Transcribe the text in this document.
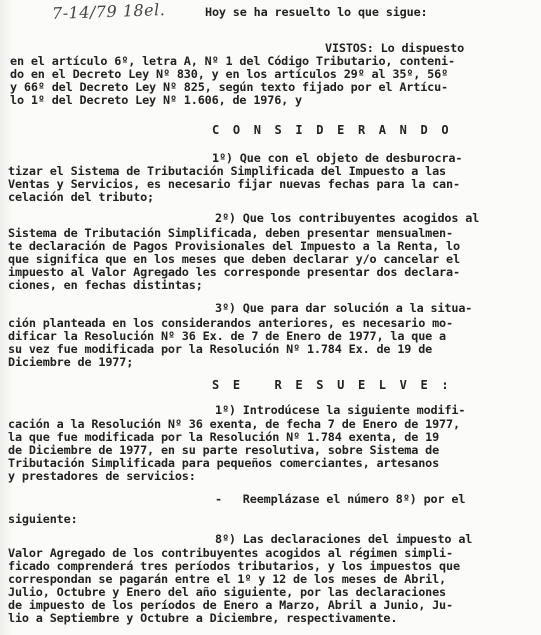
7-14/79 18el.	Hoy se ha resuelto lo que sigue:
VISTOS: Lo dispuesto
en el artículo 6º, letra A, Nº 1 del Código Tributario, conteni-
do en el Decreto Ley Nº 830, y en los artículos 29º al 35º, 56º
y 66º del Decreto Ley Nº 825, según texto fijado por el Artícu-
lo 1º del Decreto Ley Nº 1.606, de 1976, y
C O N S I D E R A N D O
1º) Que con el objeto de desburocra-
tizar el Sistema de Tributación Simplificada del Impuesto a las
Ventas y Servicios, es necesario fijar nuevas fechas para la can-
celación del tributo;
2º) Que los contribuyentes acogidos al
Sistema de Tributación Simplificada, deben presentar mensualmen-
te declaración de Pagos Provisionales del Impuesto a la Renta, lo
que significa que en los meses que deben declarar y/o cancelar el
impuesto al Valor Agregado les corresponde presentar dos declara-
ciones, en fechas distintas;
3º) Que para dar solución a la situa-
ción planteada en los considerandos anteriores, es necesario mo-
dificar la Resolución Nº 36 Ex. de 7 de Enero de 1977, la que a
su vez fue modificada por la Resolución Nº 1.784 Ex. de 19 de
Diciembre de 1977;
S E   R E S U E L V E :
1º) Introdúcese la siguiente modifi-
cación a la Resolución Nº 36 exenta, de fecha 7 de Enero de 1977,
la que fue modificada por la Resolución Nº 1.784 exenta, de 19
de Diciembre de 1977, en su parte resolutiva, sobre Sistema de
Tributación Simplificada para pequeños comerciantes, artesanos
y prestadores de servicios:
-   Reemplázase el número 8º) por el
siguiente:
8º) Las declaraciones del impuesto al
Valor Agregado de los contribuyentes acogidos al régimen simpli-
ficado comprenderá tres períodos tributarios, y los impuestos que
correspondan se pagarán entre el 1º y 12 de los meses de Abril,
Julio, Octubre y Enero del año siguiente, por las declaraciones
de impuesto de los períodos de Enero a Marzo, Abril a Junio, Ju-
lio a Septiembre y Octubre a Diciembre, respectivamente.
